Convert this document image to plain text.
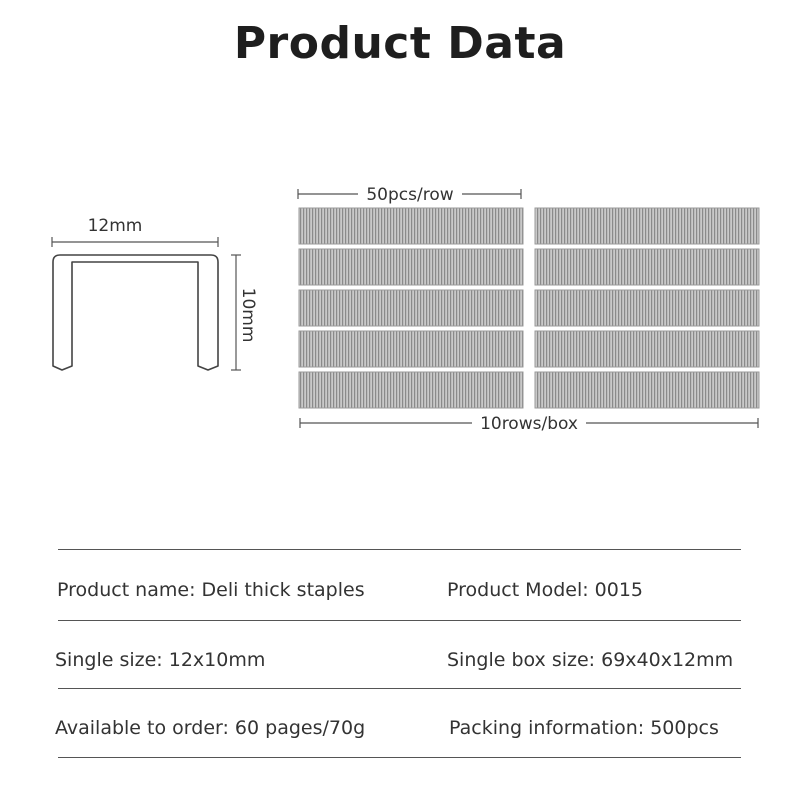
Product Data
12mm
10mm
50pcs/row
10rows/box
Product name: Deli thick staples	Product Model: 0015
Single size: 12x10mm	Single box size: 69x40x12mm
Available to order: 60 pages/70g	Packing information: 500pcs
